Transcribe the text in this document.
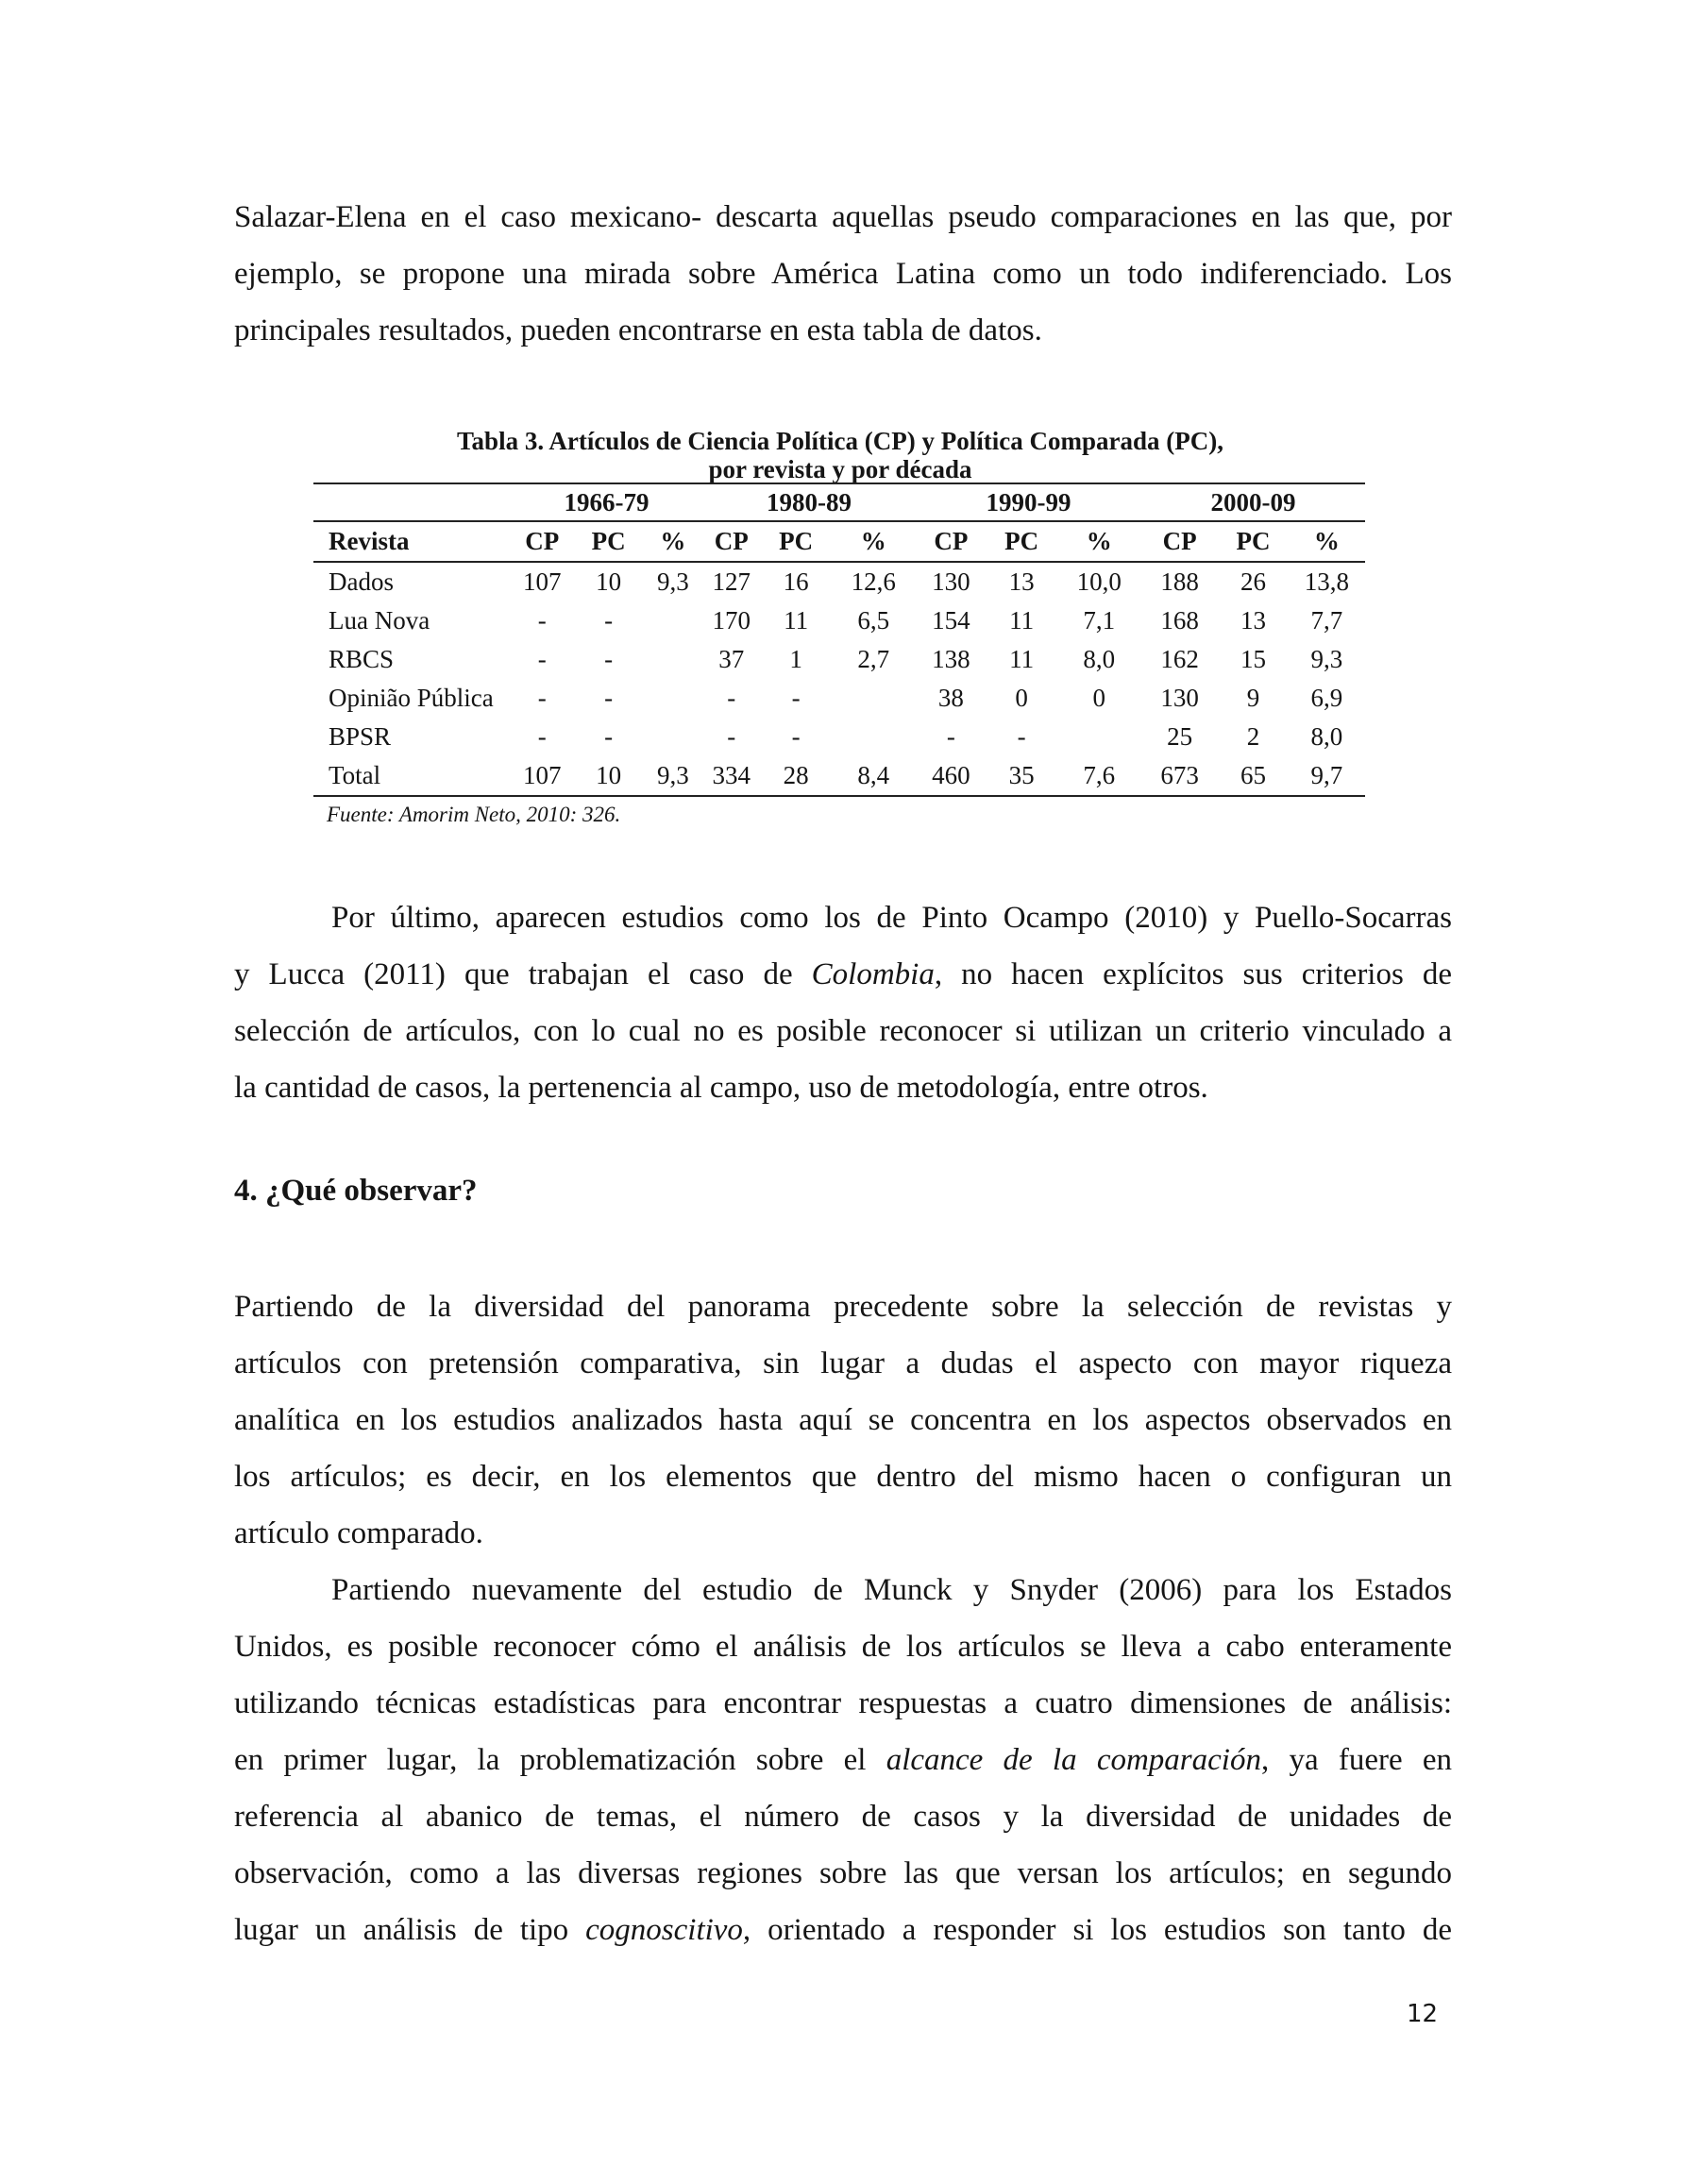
Salazar-Elena en el caso mexicano- descarta aquellas pseudo comparaciones en las que, por
ejemplo, se propone una mirada sobre América Latina como un todo indiferenciado. Los
principales resultados, pueden encontrarse en esta tabla de datos.
Tabla 3. Artículos de Ciencia Política (CP) y Política Comparada (PC),
por revista y por década
	1966-79			1980-89			1990-99			2000-09		
Revista	CP	PC	%	CP	PC	%	CP	PC	%	CP	PC	%
Dados	107	10	9,3	127	16	12,6	130	13	10,0	188	26	13,8
Lua Nova	-	-		170	11	6,5	154	11	7,1	168	13	7,7
RBCS	-	-		37	1	2,7	138	11	8,0	162	15	9,3
Opinião Pública	-	-		-	-		38	0	0	130	9	6,9
BPSR	-	-		-	-		-	-		25	2	8,0
Total	107	10	9,3	334	28	8,4	460	35	7,6	673	65	9,7
Fuente: Amorim Neto, 2010: 326.
Por último, aparecen estudios como los de Pinto Ocampo (2010) y Puello-Socarras
y Lucca (2011) que trabajan el caso de Colombia, no hacen explícitos sus criterios de
selección de artículos, con lo cual no es posible reconocer si utilizan un criterio vinculado a
la cantidad de casos, la pertenencia al campo, uso de metodología, entre otros.
4. ¿Qué observar?
Partiendo de la diversidad del panorama precedente sobre la selección de revistas y
artículos con pretensión comparativa, sin lugar a dudas el aspecto con mayor riqueza
analítica en los estudios analizados hasta aquí se concentra en los aspectos observados en
los artículos; es decir, en los elementos que dentro del mismo hacen o configuran un
artículo comparado.
Partiendo nuevamente del estudio de Munck y Snyder (2006) para los Estados
Unidos, es posible reconocer cómo el análisis de los artículos se lleva a cabo enteramente
utilizando técnicas estadísticas para encontrar respuestas a cuatro dimensiones de análisis:
en primer lugar, la problematización sobre el alcance de la comparación, ya fuere en
referencia al abanico de temas, el número de casos y la diversidad de unidades de
observación, como a las diversas regiones sobre las que versan los artículos; en segundo
lugar un análisis de tipo cognoscitivo, orientado a responder si los estudios son tanto de
12
